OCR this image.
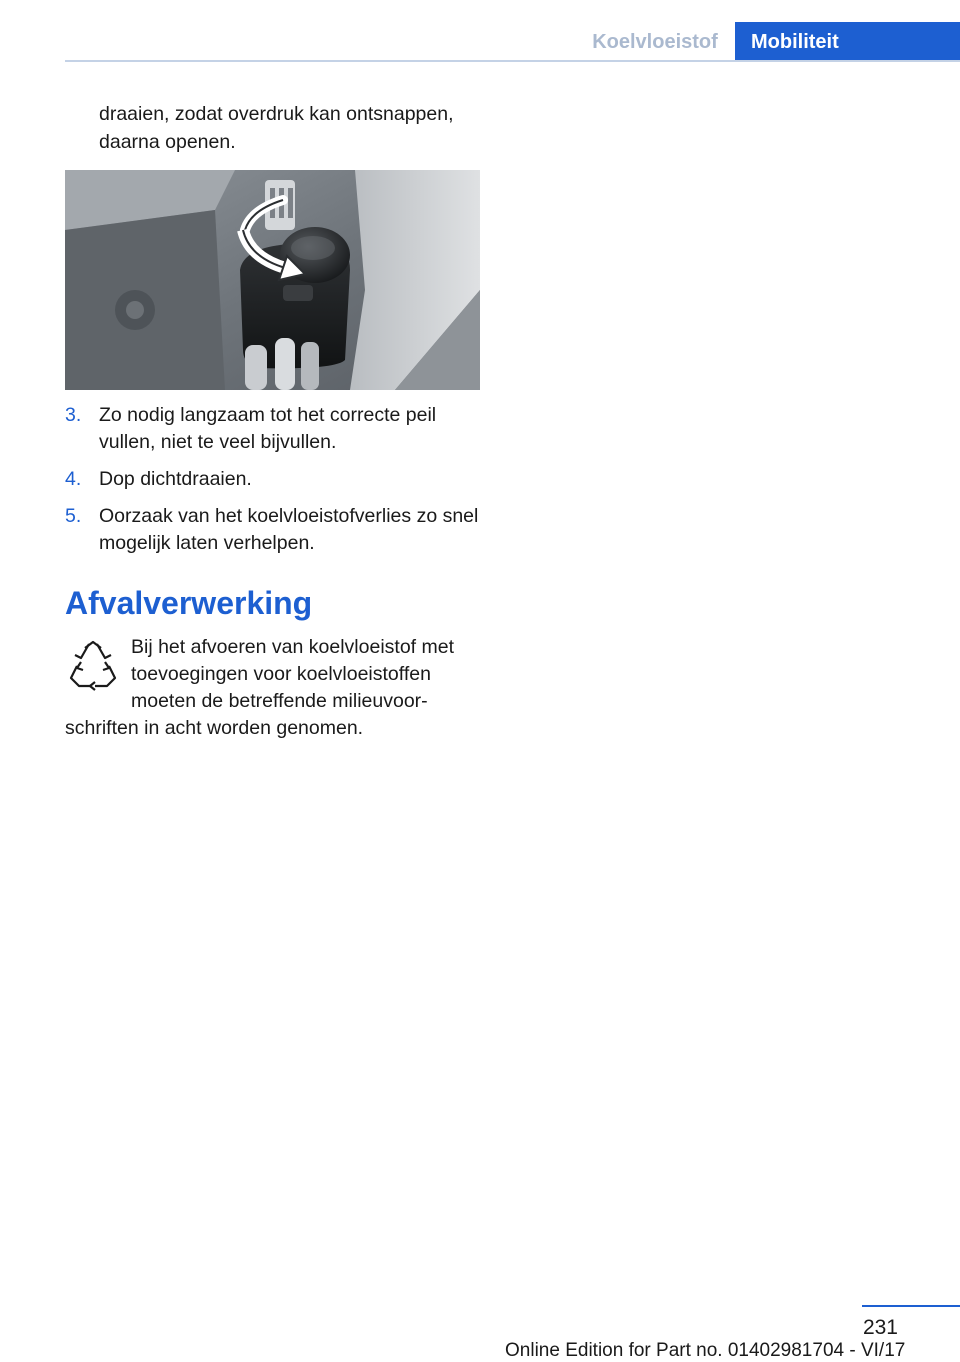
Koelvloeistof	Mobiliteit
draaien, zodat overdruk kan ontsnappen, daarna openen.
3. Zo nodig langzaam tot het correcte peil vullen, niet te veel bijvullen.
4. Dop dichtdraaien.
5. Oorzaak van het koelvloeistofverlies zo snel mogelijk laten verhelpen.
Afvalverwerking
Bij het afvoeren van koelvloeistof met toevoegingen voor koelvloeistoffen moeten de betreffende milieuvoorschriften in acht worden genomen.
231
Online Edition for Part no. 01402981704 - VI/17
